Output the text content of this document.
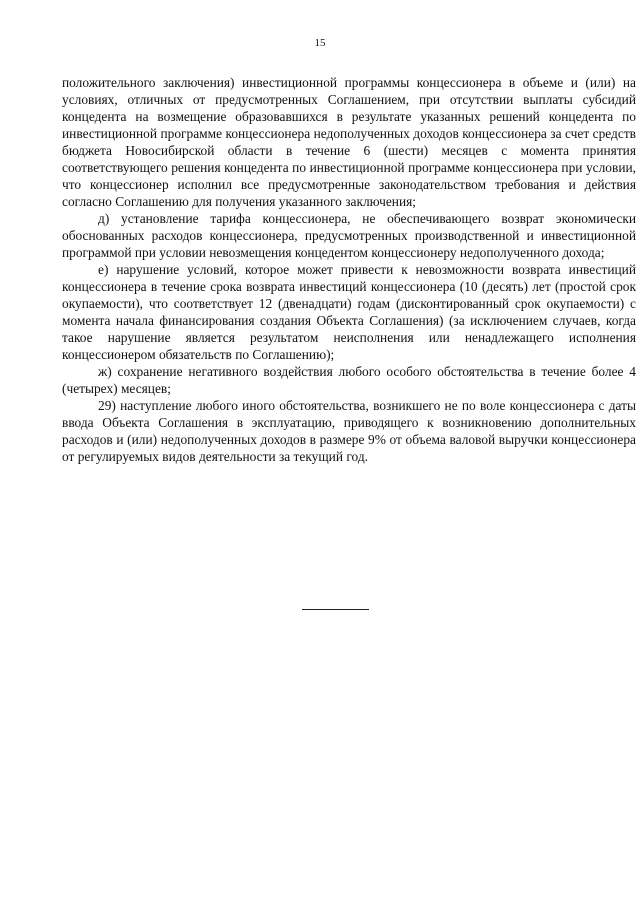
15

положительного заключения) инвестиционной программы концессионера в объеме и (или) на условиях, отличных от предусмотренных Соглашением, при отсутствии выплаты субсидий концедента на возмещение образовавшихся в результате указанных решений концедента по инвестиционной программе концессионера недополученных доходов концессионера за счет средств бюджета Новосибирской области в течение 6 (шести) месяцев с момента принятия соответствующего решения концедента по инвестиционной программе концессионера при условии, что концессионер исполнил все предусмотренные законодательством требования и действия согласно Соглашению для получения указанного заключения;

д) установление тарифа концессионера, не обеспечивающего возврат экономически обоснованных расходов концессионера, предусмотренных производственной и инвестиционной программой при условии невозмещения концедентом концессионеру недополученного дохода;

е) нарушение условий, которое может привести к невозможности возврата инвестиций концессионера в течение срока возврата инвестиций концессионера (10 (десять) лет (простой срок окупаемости), что соответствует 12 (двенадцати) годам (дисконтированный срок окупаемости) с момента начала финансирования создания Объекта Соглашения) (за исключением случаев, когда такое нарушение является результатом неисполнения или ненадлежащего исполнения концессионером обязательств по Соглашению);

ж) сохранение негативного воздействия любого особого обстоятельства в течение более 4 (четырех) месяцев;

29) наступление любого иного обстоятельства, возникшего не по воле концессионера с даты ввода Объекта Соглашения в эксплуатацию, приводящего к возникновению дополнительных расходов и (или) недополученных доходов в размере 9% от объема валовой выручки концессионера от регулируемых видов деятельности за текущий год.
